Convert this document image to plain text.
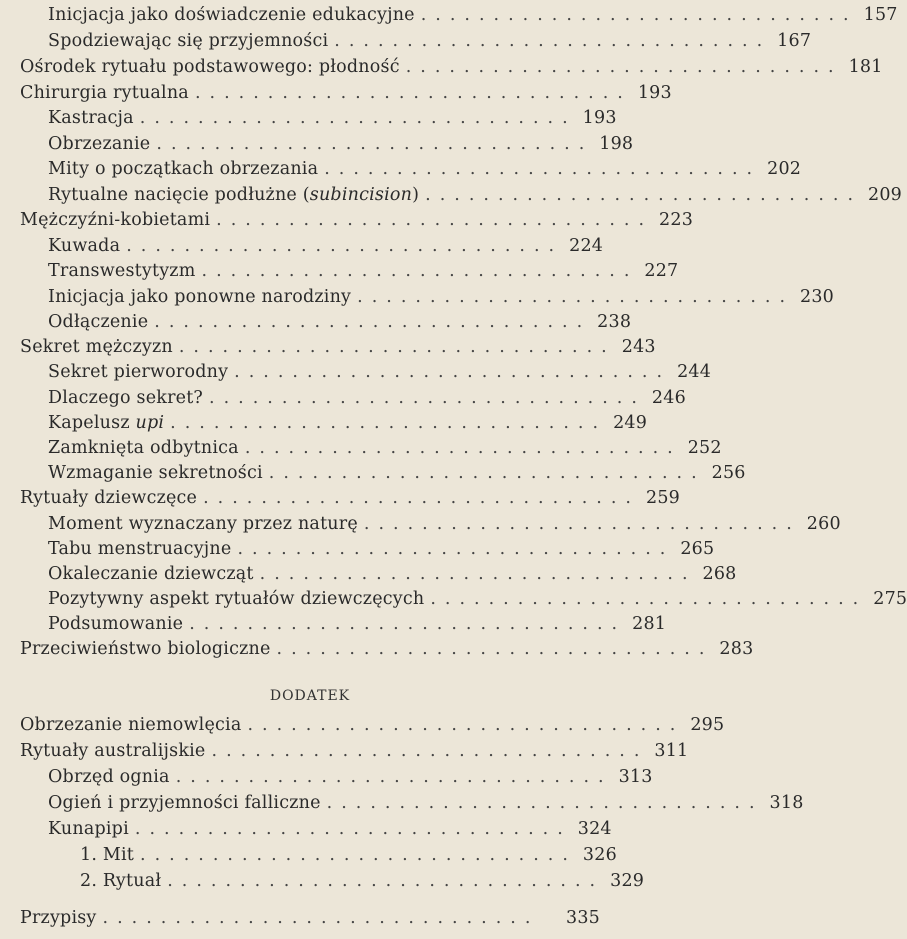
Inicjacja jako doświadczenie edukacyjne .............................. 157
Spodziewając się przyjemności .............................. 167
Ośrodek rytuału podstawowego: płodność .............................. 181
Chirurgia rytualna .............................. 193
Kastracja .............................. 193
Obrzezanie .............................. 198
Mity o początkach obrzezania .............................. 202
Rytualne nacięcie podłużne (subincision) .............................. 209
Mężczyźni-kobietami .............................. 223
Kuwada .............................. 224
Transwestytyzm .............................. 227
Inicjacja jako ponowne narodziny .............................. 230
Odłączenie .............................. 238
Sekret mężczyzn .............................. 243
Sekret pierworodny .............................. 244
Dlaczego sekret? .............................. 246
Kapelusz upi .............................. 249
Zamknięta odbytnica .............................. 252
Wzmaganie sekretności .............................. 256
Rytuały dziewczęce .............................. 259
Moment wyznaczany przez naturę .............................. 260
Tabu menstruacyjne .............................. 265
Okaleczanie dziewcząt .............................. 268
Pozytywny aspekt rytuałów dziewczęcych .............................. 275
Podsumowanie .............................. 281
Przeciwieństwo biologiczne .............................. 283
DODATEK
Obrzezanie niemowlęcia .............................. 295
Rytuały australijskie .............................. 311
Obrzęd ognia .............................. 313
Ogień i przyjemności falliczne .............................. 318
Kunapipi .............................. 324
1. Mit .............................. 326
2. Rytuał .............................. 329
Przypisy ..............................	335
